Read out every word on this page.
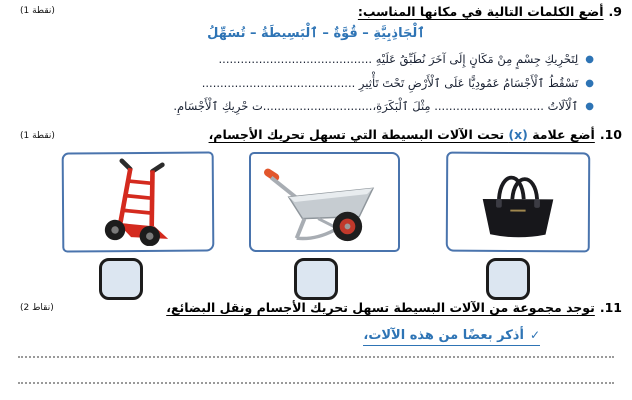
(1 نقطة)	9.أضع الكلمات التالية في مكانها المناسب:
ٱلْجَاذِبِيَّةِ – قُوَّةٌ – ٱلْبَسِيطَةُ – تُسَهِّلُ
●لِتَحْرِيكِ جِسْمٍ مِنْ مَكَانٍ إِلَى آخَرَ نُطَبِّقُ عَلَيْهِ ..........................................
●تَسْقُطُ ٱلْأَجْسَامُ عَمُودِيًّا عَلَى ٱلْأَرْضِ تَحْتَ تَأْثِيرِ ..........................................
●ٱلْآلَاتُ .............................. مِثْلَ ٱلْبَكَرَةِ،..............................ت حْرِيكِ ٱلْأَجْسَامِ.
(1 نقطة)	10.أضع علامة (x) تحت الآلات البسيطة التي تسهل تحريك الأجسام،
(2 نقاط)	11.توجد مجموعة من الآلات البسيطة تسهل تحريك الأجسام ونقل البضائع،
✓أذكر بعضًا من هذه الآلات،
